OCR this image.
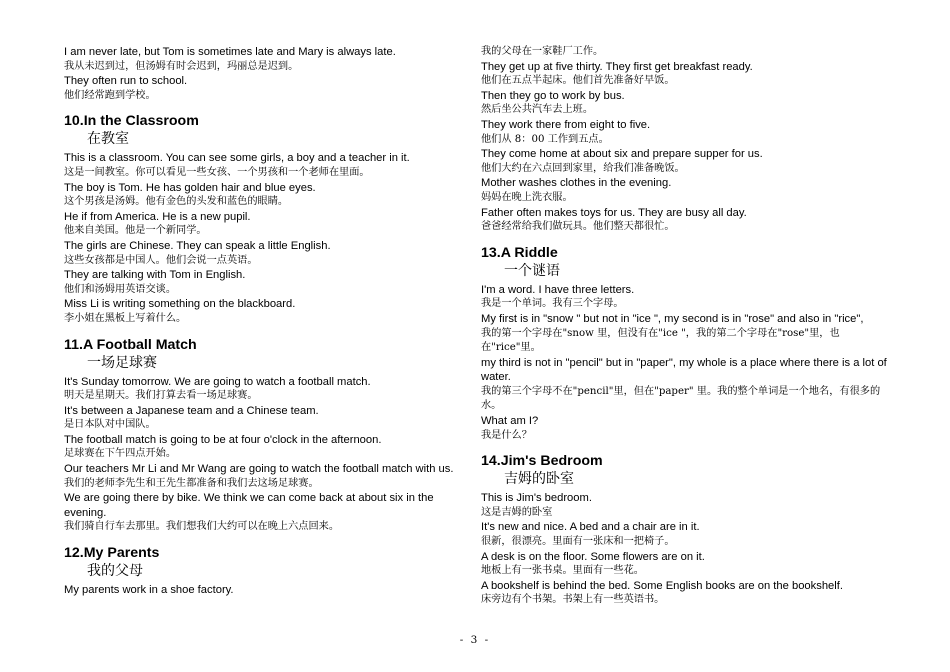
I am never late, but Tom is sometimes late and Mary is always late.
我从未迟到过，但汤姆有时会迟到，玛丽总是迟到。
They often run to school.
他们经常跑到学校。
10.In the Classroom
在教室
This is a classroom. You can see some girls, a boy and a teacher in it.
这是一间教室。你可以看见一些女孩、一个男孩和一个老师在里面。
The boy is Tom. He has golden hair and blue eyes.
这个男孩是汤姆。他有金色的头发和蓝色的眼睛。
He if from America. He is a new pupil.
他来自美国。他是一个新同学。
The girls are Chinese. They can speak a little English.
这些女孩都是中国人。他们会说一点英语。
They are talking with Tom in English.
他们和汤姆用英语交谈。
Miss Li is writing something on the blackboard.
李小姐在黑板上写着什么。
11.A Football Match
一场足球赛
It's Sunday tomorrow. We are going to watch a football match.
明天是星期天。我们打算去看一场足球赛。
It's between a Japanese team and a Chinese team.
是日本队对中国队。
The football match is going to be at four o'clock in the afternoon.
足球赛在下午四点开始。
Our teachers Mr Li and Mr Wang are going to watch the football match with us.
我们的老师李先生和王先生都准备和我们去这场足球赛。
We are going there by bike. We think we can come back at about six in the evening.
我们骑自行车去那里。我们想我们大约可以在晚上六点回来。
12.My Parents
我的父母
My parents work in a shoe factory.
我的父母在一家鞋厂工作。
They get up at five thirty. They first get breakfast ready.
他们在五点半起床。他们首先准备好早饭。
Then they go to work by bus.
然后坐公共汽车去上班。
They work there from eight to five.
他们从 8：00 工作到五点。
They come home at about six and prepare supper for us.
他们大约在六点回到家里，给我们准备晚饭。
Mother washes clothes in the evening.
妈妈在晚上洗衣服。
Father often makes toys for us. They are busy all day.
爸爸经常给我们做玩具。他们整天都很忙。
13.A Riddle
一个谜语
I'm a word. I have three letters.
我是一个单词。我有三个字母。
My first is in "snow " but not in "ice ", my second is in "rose" and also in "rice",
我的第一个字母在"snow 里，但没有在"ice "，我的第二个字母在"rose"里，也在"rice"里。
my third is not in "pencil" but in "paper", my whole is a place where there is a lot of water.
我的第三个字母不在"pencil"里，但在"paper" 里。我的整个单词是一个地名，有很多的水。
What am I?
我是什么？
14.Jim's Bedroom
吉姆的卧室
This is Jim's bedroom.
这是吉姆的卧室
It's new and nice. A bed and a chair are in it.
很新，很漂亮。里面有一张床和一把椅子。
A desk is on the floor. Some flowers are on it.
地板上有一张书桌。里面有一些花。
A bookshelf is behind the bed. Some English books are on the bookshelf.
床旁边有个书架。书架上有一些英语书。
- 3 -
